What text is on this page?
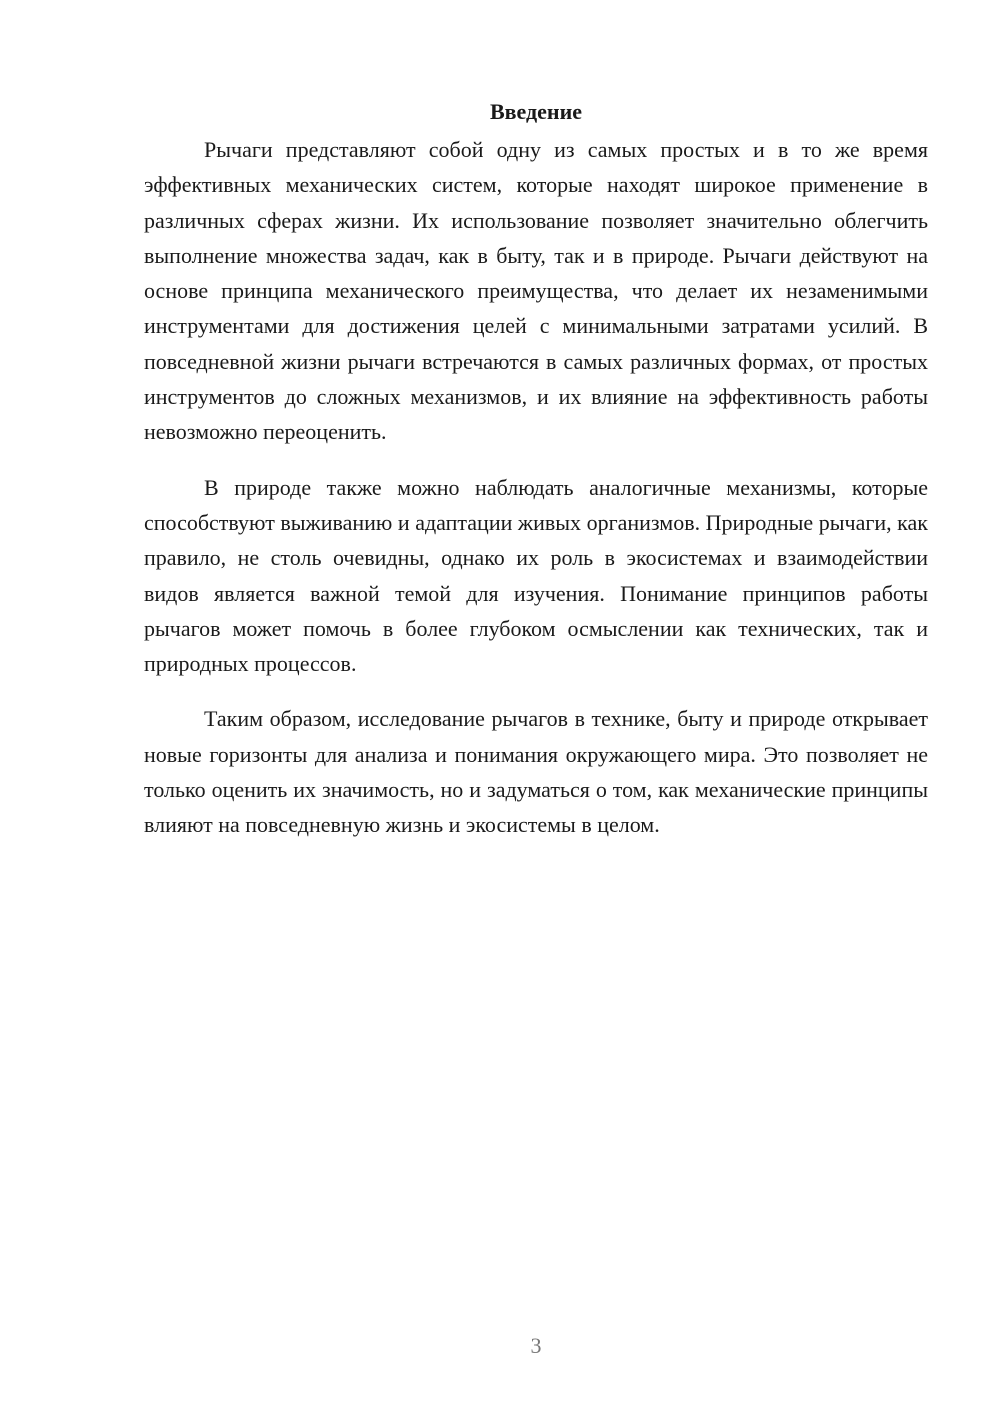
Введение

Рычаги представляют собой одну из самых простых и в то же время эффективных механических систем, которые находят широкое применение в различных сферах жизни. Их использование позволяет значительно облегчить выполнение множества задач, как в быту, так и в природе. Рычаги действуют на основе принципа механического преимущества, что делает их незаменимыми инструментами для достижения целей с минимальными затратами усилий. В повседневной жизни рычаги встречаются в самых различных формах, от простых инструментов до сложных механизмов, и их влияние на эффективность работы невозможно переоценить.

В природе также можно наблюдать аналогичные механизмы, которые способствуют выживанию и адаптации живых организмов. Природные рычаги, как правило, не столь очевидны, однако их роль в экосистемах и взаимодействии видов является важной темой для изучения. Понимание принципов работы рычагов может помочь в более глубоком осмыслении как технических, так и природных процессов.

Таким образом, исследование рычагов в технике, быту и природе открывает новые горизонты для анализа и понимания окружающего мира. Это позволяет не только оценить их значимость, но и задуматься о том, как механические принципы влияют на повседневную жизнь и экосистемы в целом.

3
